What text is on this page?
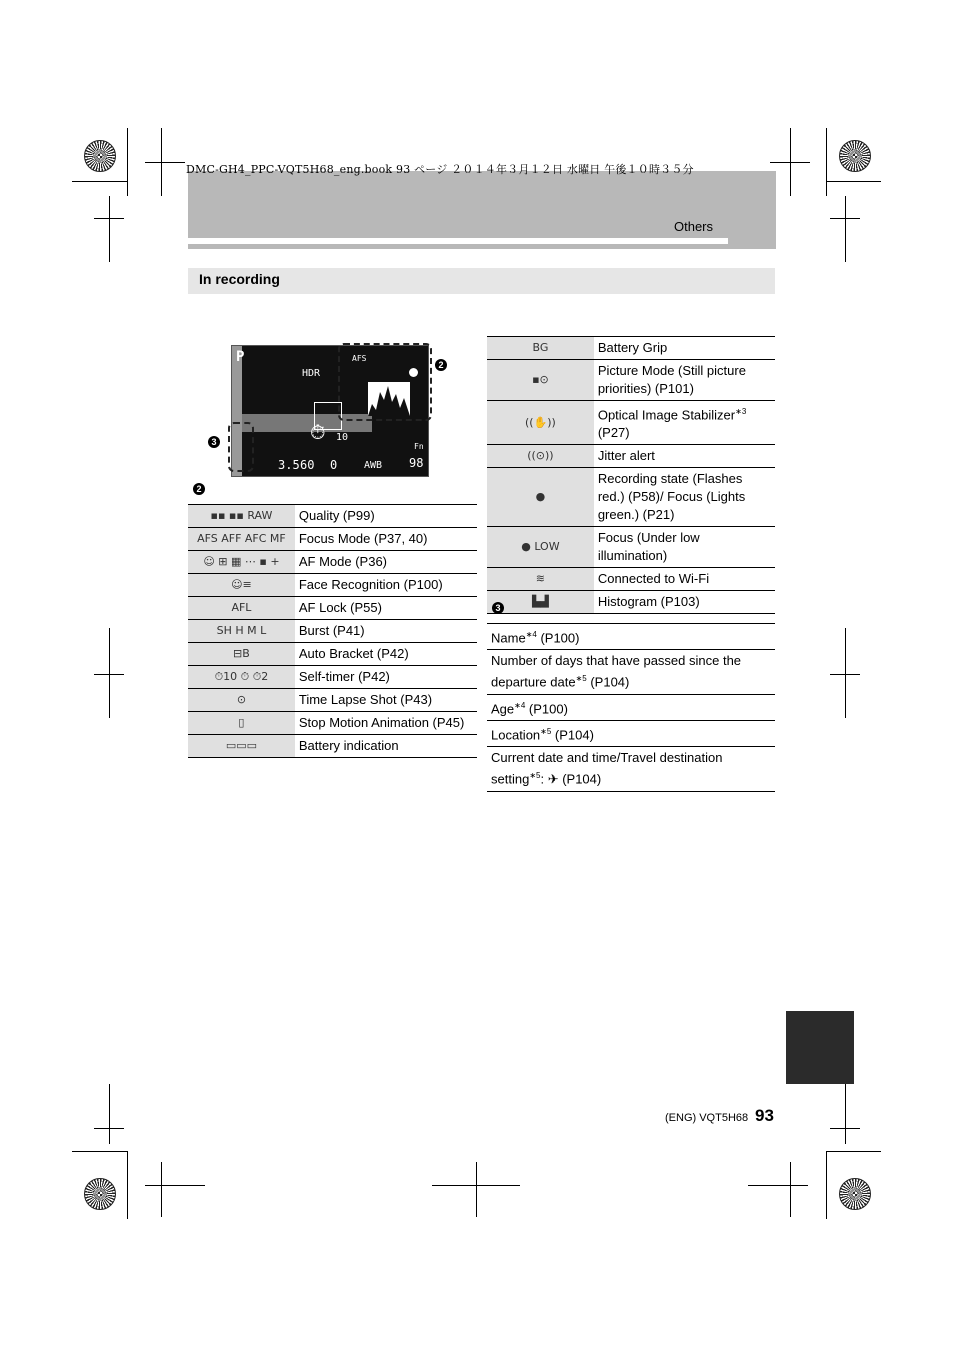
DMC-GH4_PPC-VQT5H68_eng.book 93 ページ ２０１４年３月１２日 水曜日 午後１０時３５分
Others
In recording
P
HDR
AFS
⏱ 10
3.5 60 0	AWB 98
Fn
2
3
2
▪▪ ▪▪ RAW	Quality (P99)
AFS AFF AFC MF	Focus Mode (P37, 40)
☺ ⊞ ▦ ⋯ ▪ +	AF Mode (P36)
☺≡	Face Recognition (P100)
AFL	AF Lock (P55)
SH H M L	Burst (P41)
⊟B	Auto Bracket (P42)
⏱10 ⏱ ⏱2	Self-timer (P42)
⊙	Time Lapse Shot (P43)
▯	Stop Motion Animation (P45)
▭▭▭	Battery indication
BG	Battery Grip
▪⊙	Picture Mode (Still picture priorities) (P101)
((✋))	Optical Image Stabilizer$^{∗3}$ (P27)
((⊙))	Jitter alert
●	Recording state (Flashes red.) (P58)/ Focus (Lights green.) (P21)
● LOW	Focus (Under low illumination)
≋	Connected to Wi-Fi
▙▟	Histogram (P103)
3
Name$^{∗4}$ (P100)
Number of days that have passed since the departure date$^{∗5}$ (P104)
Age$^{∗4}$ (P100)
Location$^{∗5}$ (P104)
Current date and time/Travel destination setting$^{∗5}$: ✈ (P104)
(ENG) VQT5H68 93
